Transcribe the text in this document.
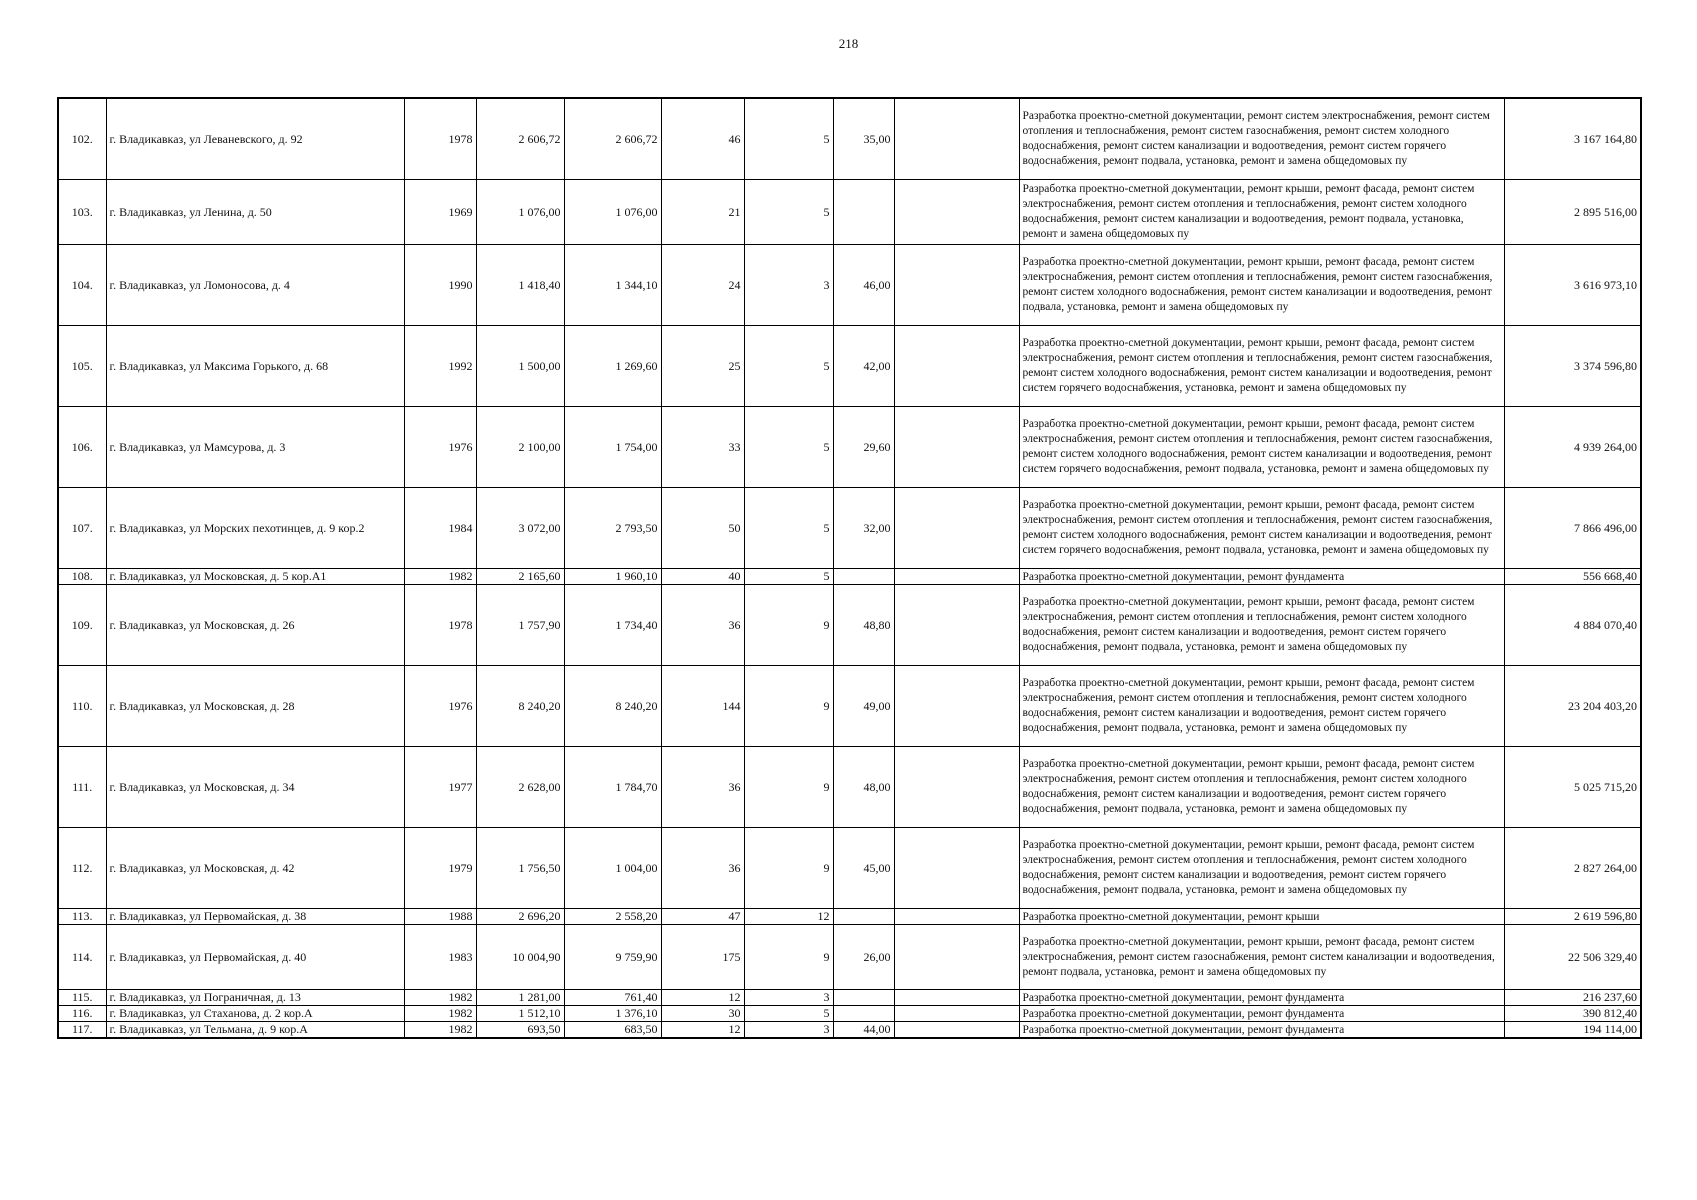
218
102.	г. Владикавказ, ул Леваневского, д. 92	1978	2 606,72	2 606,72	46	5	35,00		Разработка проектно-сметной документации, ремонт систем электроснабжения, ремонт систем отопления и теплоснабжения, ремонт систем газоснабжения, ремонт систем холодного водоснабжения, ремонт систем канализации и водоотведения, ремонт систем горячего водоснабжения, ремонт подвала, установка, ремонт и замена общедомовых пу	3 167 164,80
103.	г. Владикавказ, ул Ленина, д. 50	1969	1 076,00	1 076,00	21	5			Разработка проектно-сметной документации, ремонт крыши, ремонт фасада, ремонт систем электроснабжения, ремонт систем отопления и теплоснабжения, ремонт систем холодного водоснабжения, ремонт систем канализации и водоотведения, ремонт подвала, установка, ремонт и замена общедомовых пу	2 895 516,00
104.	г. Владикавказ, ул Ломоносова, д. 4	1990	1 418,40	1 344,10	24	3	46,00		Разработка проектно-сметной документации, ремонт крыши, ремонт фасада, ремонт систем электроснабжения, ремонт систем отопления и теплоснабжения, ремонт систем газоснабжения, ремонт систем холодного водоснабжения, ремонт систем канализации и водоотведения, ремонт подвала, установка, ремонт и замена общедомовых пу	3 616 973,10
105.	г. Владикавказ, ул Максима Горького, д. 68	1992	1 500,00	1 269,60	25	5	42,00		Разработка проектно-сметной документации, ремонт крыши, ремонт фасада, ремонт систем электроснабжения, ремонт систем отопления и теплоснабжения, ремонт систем газоснабжения, ремонт систем холодного водоснабжения, ремонт систем канализации и водоотведения, ремонт систем горячего водоснабжения, установка, ремонт и замена общедомовых пу	3 374 596,80
106.	г. Владикавказ, ул Мамсурова, д. 3	1976	2 100,00	1 754,00	33	5	29,60		Разработка проектно-сметной документации, ремонт крыши, ремонт фасада, ремонт систем электроснабжения, ремонт систем отопления и теплоснабжения, ремонт систем газоснабжения, ремонт систем холодного водоснабжения, ремонт систем канализации и водоотведения, ремонт систем горячего водоснабжения, ремонт подвала, установка, ремонт и замена общедомовых пу	4 939 264,00
107.	г. Владикавказ, ул Морских пехотинцев, д. 9 кор.2	1984	3 072,00	2 793,50	50	5	32,00		Разработка проектно-сметной документации, ремонт крыши, ремонт фасада, ремонт систем электроснабжения, ремонт систем отопления и теплоснабжения, ремонт систем газоснабжения, ремонт систем холодного водоснабжения, ремонт систем канализации и водоотведения, ремонт систем горячего водоснабжения, ремонт подвала, установка, ремонт и замена общедомовых пу	7 866 496,00
108.	г. Владикавказ, ул Московская, д. 5 кор.А1	1982	2 165,60	1 960,10	40	5			Разработка проектно-сметной документации, ремонт фундамента	556 668,40
109.	г. Владикавказ, ул Московская, д. 26	1978	1 757,90	1 734,40	36	9	48,80		Разработка проектно-сметной документации, ремонт крыши, ремонт фасада, ремонт систем электроснабжения, ремонт систем отопления и теплоснабжения, ремонт систем холодного водоснабжения, ремонт систем канализации и водоотведения, ремонт систем горячего водоснабжения, ремонт подвала, установка, ремонт и замена общедомовых пу	4 884 070,40
110.	г. Владикавказ, ул Московская, д. 28	1976	8 240,20	8 240,20	144	9	49,00		Разработка проектно-сметной документации, ремонт крыши, ремонт фасада, ремонт систем электроснабжения, ремонт систем отопления и теплоснабжения, ремонт систем холодного водоснабжения, ремонт систем канализации и водоотведения, ремонт систем горячего водоснабжения, ремонт подвала, установка, ремонт и замена общедомовых пу	23 204 403,20
111.	г. Владикавказ, ул Московская, д. 34	1977	2 628,00	1 784,70	36	9	48,00		Разработка проектно-сметной документации, ремонт крыши, ремонт фасада, ремонт систем электроснабжения, ремонт систем отопления и теплоснабжения, ремонт систем холодного водоснабжения, ремонт систем канализации и водоотведения, ремонт систем горячего водоснабжения, ремонт подвала, установка, ремонт и замена общедомовых пу	5 025 715,20
112.	г. Владикавказ, ул Московская, д. 42	1979	1 756,50	1 004,00	36	9	45,00		Разработка проектно-сметной документации, ремонт крыши, ремонт фасада, ремонт систем электроснабжения, ремонт систем отопления и теплоснабжения, ремонт систем холодного водоснабжения, ремонт систем канализации и водоотведения, ремонт систем горячего водоснабжения, ремонт подвала, установка, ремонт и замена общедомовых пу	2 827 264,00
113.	г. Владикавказ, ул Первомайская, д. 38	1988	2 696,20	2 558,20	47	12			Разработка проектно-сметной документации, ремонт крыши	2 619 596,80
114.	г. Владикавказ, ул Первомайская, д. 40	1983	10 004,90	9 759,90	175	9	26,00		Разработка проектно-сметной документации, ремонт крыши, ремонт фасада, ремонт систем электроснабжения, ремонт систем газоснабжения, ремонт систем канализации и водоотведения, ремонт подвала, установка, ремонт и замена общедомовых пу	22 506 329,40
115.	г. Владикавказ, ул Пограничная, д. 13	1982	1 281,00	761,40	12	3			Разработка проектно-сметной документации, ремонт фундамента	216 237,60
116.	г. Владикавказ, ул Стаханова, д. 2 кор.А	1982	1 512,10	1 376,10	30	5			Разработка проектно-сметной документации, ремонт фундамента	390 812,40
117.	г. Владикавказ, ул Тельмана, д. 9 кор.А	1982	693,50	683,50	12	3	44,00		Разработка проектно-сметной документации, ремонт фундамента	194 114,00
